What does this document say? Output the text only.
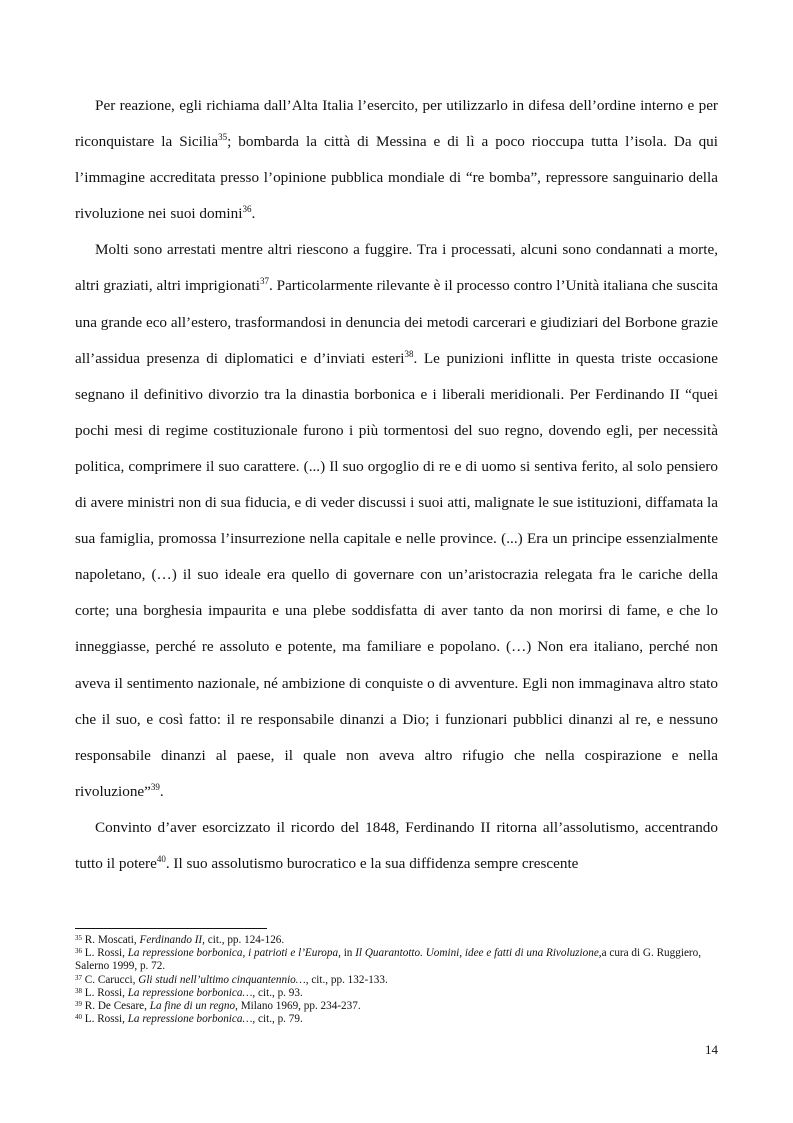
Per reazione, egli richiama dall’Alta Italia l’esercito, per utilizzarlo in difesa dell’ordine interno e per riconquistare la Sicilia$^{35}$; bombarda la città di Messina e di lì a poco rioccupa tutta l’isola. Da qui l’immagine accreditata presso l’opinione pubblica mondiale di “re bomba”, repressore sanguinario della rivoluzione nei suoi domini$^{36}$.

Molti sono arrestati mentre altri riescono a fuggire. Tra i processati, alcuni sono condannati a morte, altri graziati, altri imprigionati$^{37}$. Particolarmente rilevante è il processo contro l’Unità italiana che suscita una grande eco all’estero, trasformandosi in denuncia dei metodi carcerari e giudiziari del Borbone grazie all’assidua presenza di diplomatici e d’inviati esteri$^{38}$. Le punizioni inflitte in questa triste occasione segnano il definitivo divorzio tra la dinastia borbonica e i liberali meridionali. Per Ferdinando II “quei pochi mesi di regime costituzionale furono i più tormentosi del suo regno, dovendo egli, per necessità politica, comprimere il suo carattere. (...) Il suo orgoglio di re e di uomo si sentiva ferito, al solo pensiero di avere ministri non di sua fiducia, e di veder discussi i suoi atti, malignate le sue istituzioni, diffamata la sua famiglia, promossa l’insurrezione nella capitale e nelle province. (...) Era un principe essenzialmente napoletano, (…) il suo ideale era quello di governare con un’aristocrazia relegata fra le cariche della corte; una borghesia impaurita e una plebe soddisfatta di aver tanto da non morirsi di fame, e che lo inneggiasse, perché re assoluto e potente, ma familiare e popolano. (…) Non era italiano, perché non aveva il sentimento nazionale, né ambizione di conquiste o di avventure. Egli non immaginava altro stato che il suo, e così fatto: il re responsabile dinanzi a Dio; i funzionari pubblici dinanzi al re, e nessuno responsabile dinanzi al paese, il quale non aveva altro rifugio che nella cospirazione e nella rivoluzione”$^{39}$.

Convinto d’aver esorcizzato il ricordo del 1848, Ferdinando II ritorna all’assolutismo, accentrando tutto il potere$^{40}$. Il suo assolutismo burocratico e la sua diffidenza sempre crescente

$^{35}$ R. Moscati, Ferdinando II, cit., pp. 124-126.
$^{36}$ L. Rossi, La repressione borbonica, i patrioti e l’Europa, in Il Quarantotto. Uomini, idee e fatti di una Rivoluzione,a cura di G. Ruggiero, Salerno 1999, p. 72.
$^{37}$ C. Carucci, Gli studi nell’ultimo cinquantennio…, cit., pp. 132-133.
$^{38}$ L. Rossi, La repressione borbonica…, cit., p. 93.
$^{39}$ R. De Cesare, La fine di un regno, Milano 1969, pp. 234-237.
$^{40}$ L. Rossi, La repressione borbonica…, cit., p. 79.
14
